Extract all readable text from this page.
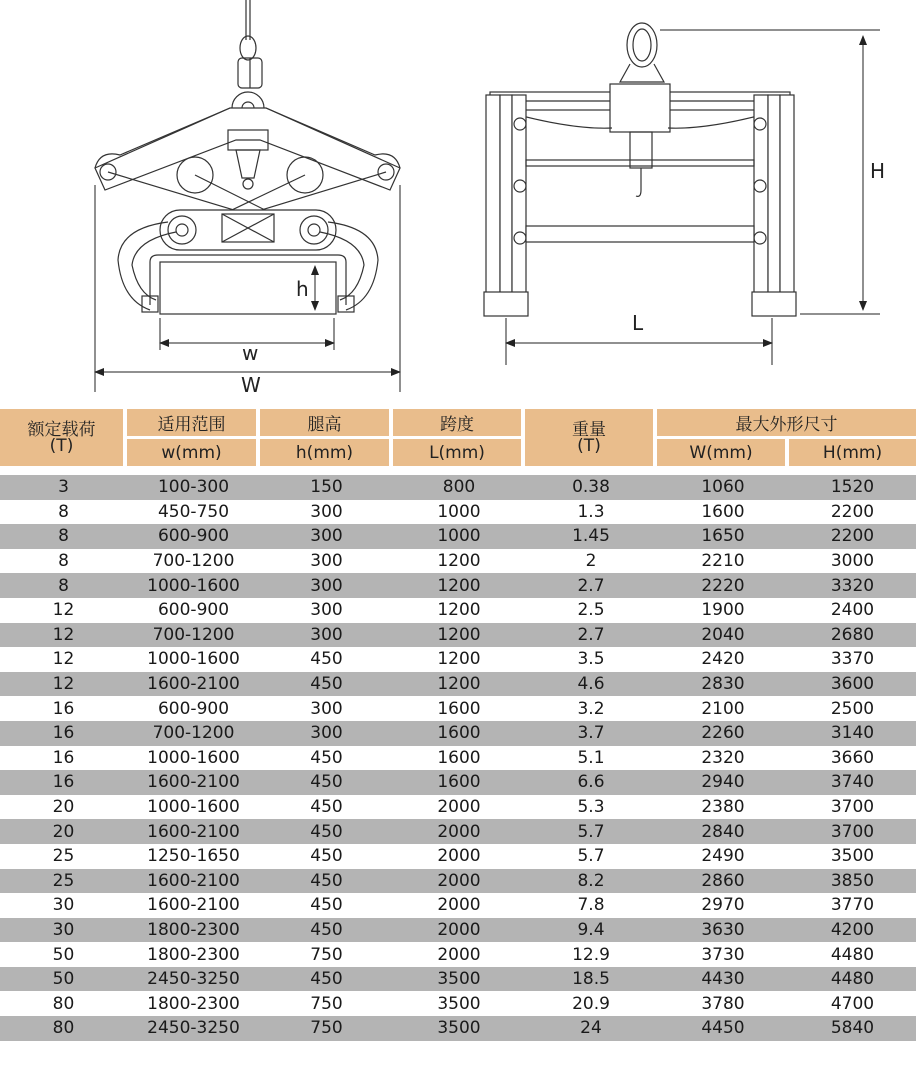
h
w
W
H
L
额定载荷
(T)	适用范围	腿高	跨度	重量
(T)	最大外形尺寸	
	w(mm)	h(mm)	L(mm)		W(mm)	H(mm)

3	100-300	150	800	0.38	1060	1520
8	450-750	300	1000	1.3	1600	2200
8	600-900	300	1000	1.45	1650	2200
8	700-1200	300	1200	2	2210	3000
8	1000-1600	300	1200	2.7	2220	3320
12	600-900	300	1200	2.5	1900	2400
12	700-1200	300	1200	2.7	2040	2680
12	1000-1600	450	1200	3.5	2420	3370
12	1600-2100	450	1200	4.6	2830	3600
16	600-900	300	1600	3.2	2100	2500
16	700-1200	300	1600	3.7	2260	3140
16	1000-1600	450	1600	5.1	2320	3660
16	1600-2100	450	1600	6.6	2940	3740
20	1000-1600	450	2000	5.3	2380	3700
20	1600-2100	450	2000	5.7	2840	3700
25	1250-1650	450	2000	5.7	2490	3500
25	1600-2100	450	2000	8.2	2860	3850
30	1600-2100	450	2000	7.8	2970	3770
30	1800-2300	450	2000	9.4	3630	4200
50	1800-2300	750	2000	12.9	3730	4480
50	2450-3250	450	3500	18.5	4430	4480
80	1800-2300	750	3500	20.9	3780	4700
80	2450-3250	750	3500	24	4450	5840
